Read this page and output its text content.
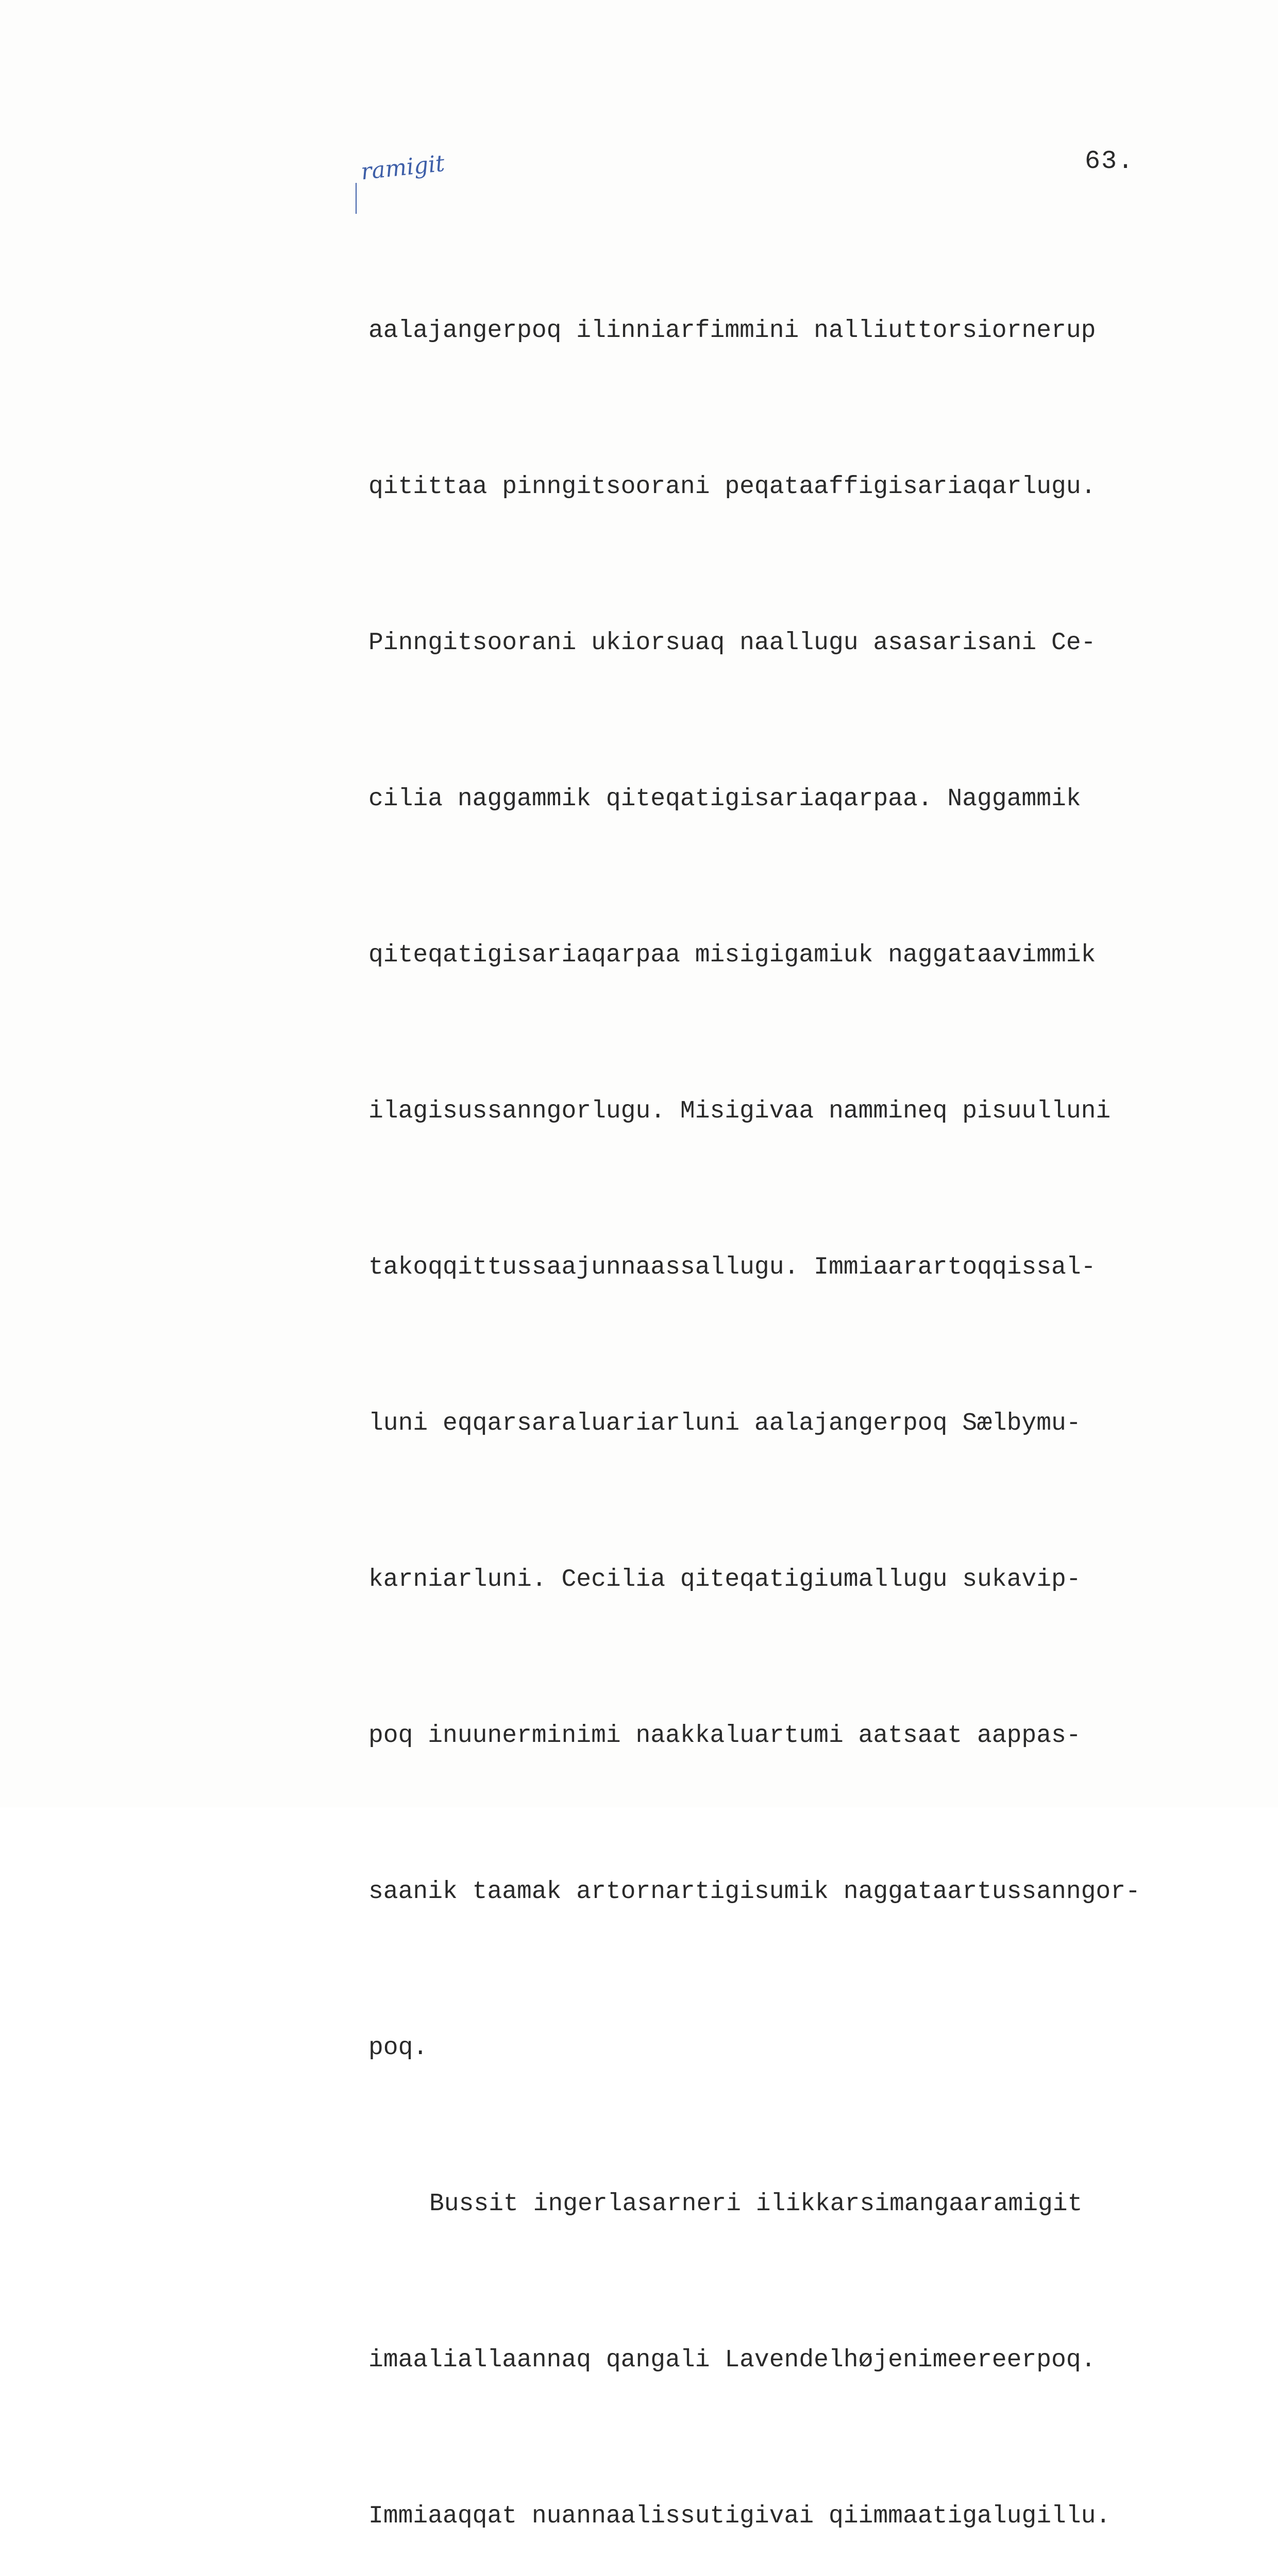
ramigit	63.

aalajangerpoq ilinniarfimmini nalliuttorsiornerup

qitittaa pinngitsoorani peqataaffigisariaqarlugu.

Pinngitsoorani ukiorsuaq naallugu asasarisani Ce-

cilia naggammik qiteqatigisariaqarpaa. Naggammik

qiteqatigisariaqarpaa misigigamiuk naggataavimmik

ilagisussanngorlugu. Misigivaa nammineq pisuulluni

takoqqittussaajunnaassallugu. Immiaarartoqqissal-

luni eqqarsaraluariarluni aalajangerpoq Sælbymu-

karniarluni. Cecilia qiteqatigiumallugu sukavip-

poq inuunerminimi naakkaluartumi aatsaat aappas-

saanik taamak artornartigisumik naggataartussanngor-

poq.

Bussit ingerlasarneri ilikkarsimangaaramigit

imaaliallaannaq qangali Lavendelhøjenimeereerpoq.

Immiaaqqat nuannaalissutigivai qiimmaatigalugillu.
